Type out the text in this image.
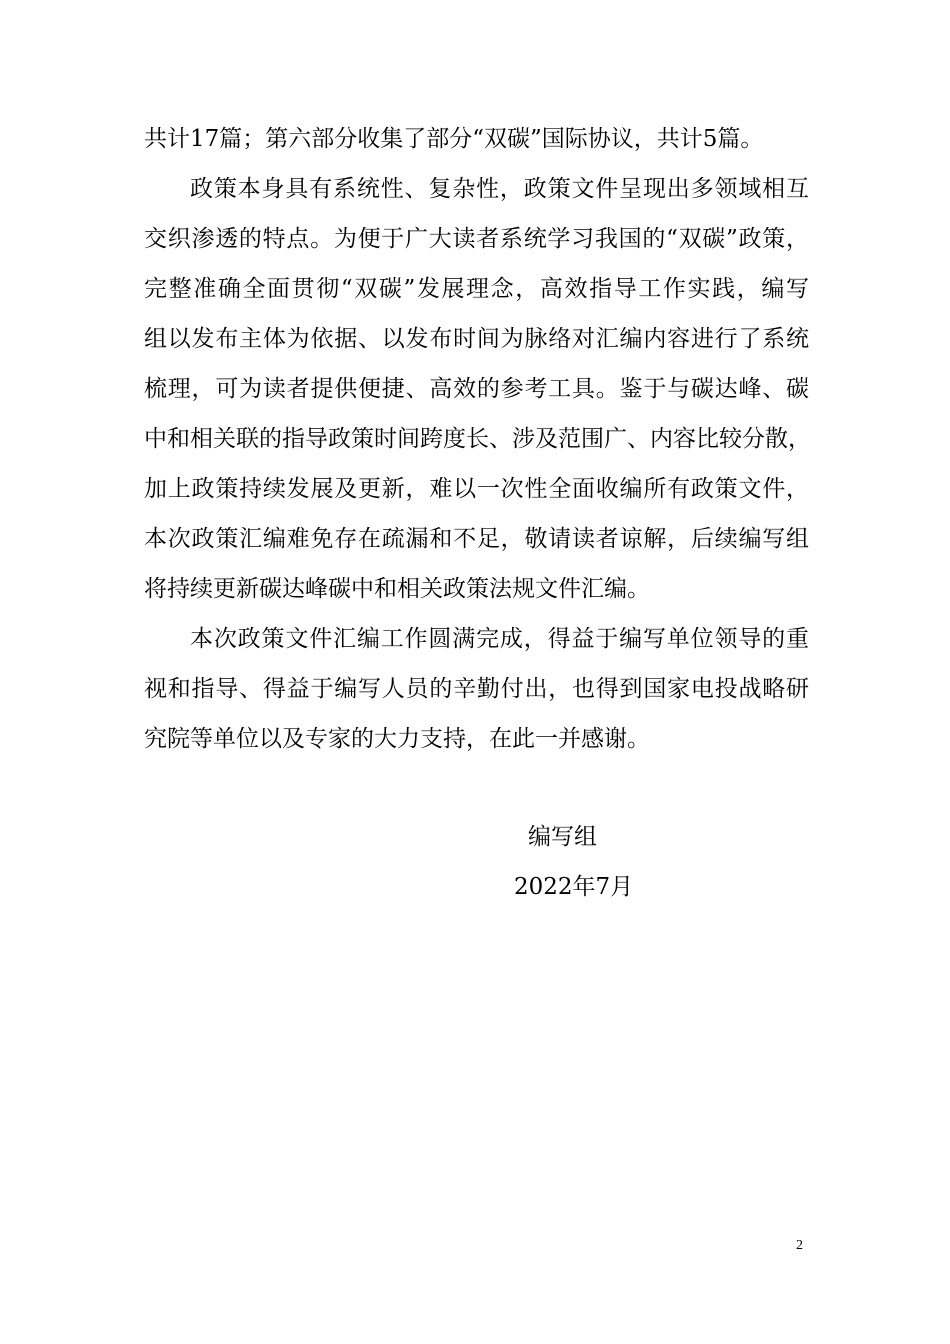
共计17篇；第六部分收集了部分“双碳”国际协议，共计5篇。
政策本身具有系统性、复杂性，政策文件呈现出多领域相互
交织渗透的特点。为便于广大读者系统学习我国的“双碳”政策，
完整准确全面贯彻“双碳”发展理念，高效指导工作实践，编写
组以发布主体为依据、以发布时间为脉络对汇编内容进行了系统
梳理，可为读者提供便捷、高效的参考工具。鉴于与碳达峰、碳
中和相关联的指导政策时间跨度长、涉及范围广、内容比较分散，
加上政策持续发展及更新，难以一次性全面收编所有政策文件，
本次政策汇编难免存在疏漏和不足，敬请读者谅解，后续编写组
将持续更新碳达峰碳中和相关政策法规文件汇编。
本次政策文件汇编工作圆满完成，得益于编写单位领导的重
视和指导、得益于编写人员的辛勤付出，也得到国家电投战略研
究院等单位以及专家的大力支持，在此一并感谢。
编写组
2022年7月
2
